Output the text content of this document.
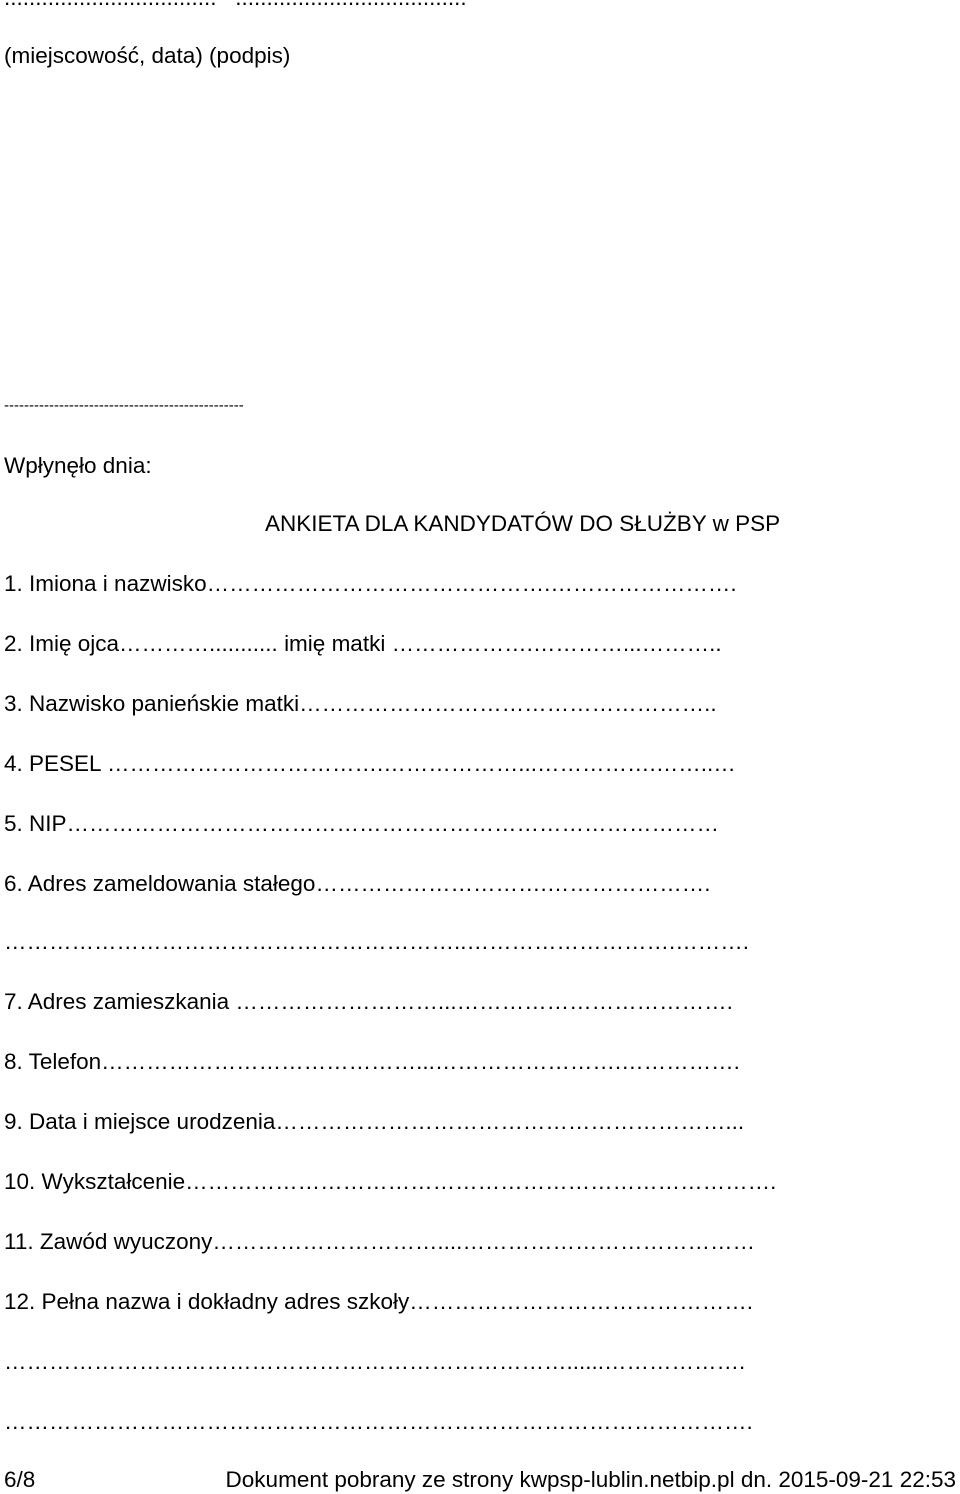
(miejscowość, data) (podpis)

------------------------------------------------

Wpłynęło dnia:

ANKIETA DLA KANDYDATÓW DO SŁUŻBY w PSP

1. Imiona i nazwisko……………………………………….…………………….

2. Imię ojca…………........... imię matki ……………….…………...………..

3. Nazwisko panieńskie matki………………………………………………..

4. PESEL ……………………………….………………...…………….……..…

5. NIP……………………………………………………………………………

6. Adres zameldowania stałego………………………….………………….

……………………………………………………..……………………….……….

7. Adres zamieszkania ………………………...……………………………….

8. Telefon……………………………………...…………………….…………….

9. Data i miejsce urodzenia……………………………………………………...

10. Wykształcenie…………………………………………………………………….

11. Zawód wyuczony…………………………....…………………………………

12. Pełna nazwa i dokładny adres szkoły……………………………………….

…………………………………………………………………......……………….

……………………………………………………………………………………….

6/8	Dokument pobrany ze strony kwpsp-lublin.netbip.pl dn. 2015-09-21 22:53
